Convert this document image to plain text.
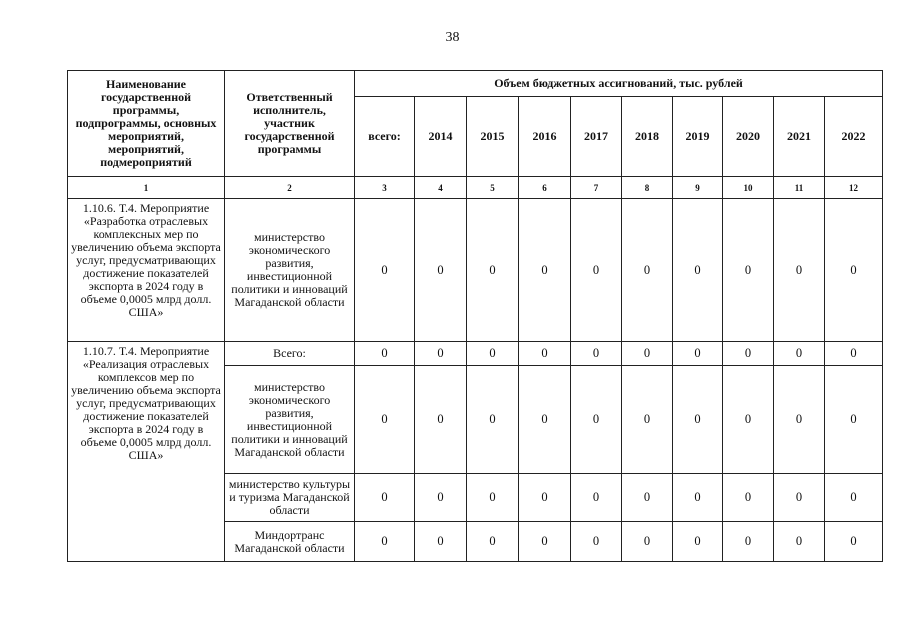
38
Наименование государственной программы, подпрограммы, основных мероприятий, мероприятий, подмероприятий	Ответственный исполнитель, участник государственной программы	Объем бюджетных ассигнований, тыс. рублей									
		всего:	2014	2015	2016	2017	2018	2019	2020	2021	2022
1	2	3	4	5	6	7	8	9	10	11	12
1.10.6. Т.4. Мероприятие «Разработка отраслевых комплексных мер по увеличению объема экспорта услуг, предусматривающих достижение показателей экспорта в 2024 году в объеме 0,0005 млрд долл. США»	министерство экономического развития, инвестиционной политики и инноваций Магаданской области	0	0	0	0	0	0	0	0	0	0
1.10.7. Т.4. Мероприятие «Реализация отраслевых комплексов мер по увеличению объема экспорта услуг, предусматривающих достижение показателей экспорта в 2024 году в объеме 0,0005 млрд долл. США»	Всего:	0	0	0	0	0	0	0	0	0	0
	министерство экономического развития, инвестиционной политики и инноваций Магаданской области	0	0	0	0	0	0	0	0	0	0
	министерство культуры и туризма Магаданской области	0	0	0	0	0	0	0	0	0	0
	Миндортранс Магаданской области	0	0	0	0	0	0	0	0	0	0
